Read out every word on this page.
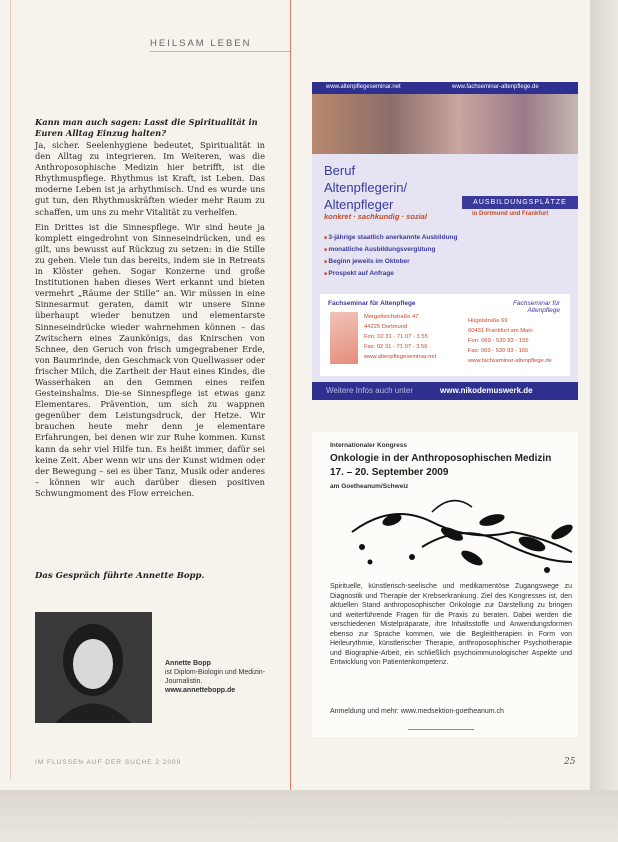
HEILSAM LEBEN
Kann man auch sagen: Lasst die Spiritualität in Euren Alltag Einzug halten?

Ja, sicher. Seelenhygiene bedeutet, Spiritualität in den Alltag zu integrieren. Im Weiteren, was die Anthroposophische Medizin hier betrifft, ist die Rhythmuspflege. Rhythmus ist Kraft, ist Leben. Das moderne Leben ist ja arhythmisch. Und es wurde uns gut tun, den Rhythmuskräften wieder mehr Raum zu schaffen, um uns zu mehr Vitalität zu verhelfen.

Ein Drittes ist die Sinnespflege. Wir sind heute ja komplett eingedrohnt von Sinneseindrücken, und es gilt, uns bewusst auf Rückzug zu setzen: in die Stille zu gehen. Viele tun das bereits, indem sie in Retreats in Klöster gehen. Sogar Konzerne und große Institutionen haben dieses Wert erkannt und bieten vermehrt „Räume der Stille“ an. Wir müssen in eine Sinnesarmut geraten, damit wir unsere Sinne überhaupt wieder benutzen und elementarste Sinneseindrücke wieder wahrnehmen können – das Zwitschern eines Zaunkönigs, das Knirschen von Schnee, den Geruch von frisch umgegrabener Erde, von Baumrinde, den Geschmack von Quellwasser oder frischer Milch, die Zartheit der Haut eines Kindes, die Wasserhaken an den Gemmen eines reifen Gesteinshalms. Die-se Sinnespflege ist etwas ganz Elementares. Prävention, um sich zu wappnen gegenüber dem Leistungsdruck, der Hetze. Wir brauchen heute mehr denn je elementare Erfahrungen, bei denen wir zur Ruhe kommen. Kunst kann da sehr viel Hilfe tun. Es heißt immer, dafür sei keine Zeit. Aber wenn wir uns der Kunst widmen oder der Bewegung – sei es über Tanz, Musik oder anderes – können wir auch darüber diesen positiven Schwungmoment des Flow erreichen.

Das Gespräch führte Annette Bopp.
Annette Bopp
ist Diplom-Biologin und Medizin-Journalistin.
www.annettebopp.de
IM FLUSSEN AUF DER SUCHE 2 2009	25
www.altenpflegeseminar.net	www.fachseminar-altenpflege.de
Beruf
Altenpflegerin/
Altenpfleger
konkret · sachkundig · sozial
AUSBILDUNGSPLÄTZE
in Dortmund und Frankfurt
■ 3-jährige staatlich anerkannte Ausbildung
■ monatliche Ausbildungsvergütung
■ Beginn jeweils im Oktober
■ Prospekt auf Anfrage
Fachseminar für Altenpflege	Fachseminar für Altenpflege
Mergelteichstraße 47
44225 Dortmund
Fon: 02 31 - 71 07 - 3 55
Fax: 02 31 - 71 07 - 3 56
www.altenpflegeseminar.net
Hügelstraße 69
60431 Frankfurt am Main
Fon: 069 - 530 93 - 155
Fax: 069 - 530 93 - 165
www.fachseminar-altenpflege.de
Weitere Infos auch unter	www.nikodemuswerk.de
Internationaler Kongress
Onkologie in der Anthroposophischen Medizin
17. – 20. September 2009
am Goetheanum/Schweiz
Spirituelle, künstlerisch-seelische und medikamentöse Zugangswege zu Diagnostik und Therapie der Krebserkrankung. Ziel des Kongresses ist, den aktuellen Stand anthroposophischer Onkologie zur Darstellung zu bringen und weiterführende Fragen für die Praxis zu beraten. Dabei werden die verschiedenen Mistelpräparate, ihre Inhaltsstoffe und Anwendungsformen ebenso zur Sprache kommen, wie die Begleittherapien in Form von Heileurythmie, künstlerischer Therapie, anthroposophischer Psychotherapie und Biographie-Arbeit, ein schließlich psychoimmunologischer Aspekte und Entwicklung von Patientenkompetenz.
Anmeldung und mehr: www.medsektion-goetheanum.ch
